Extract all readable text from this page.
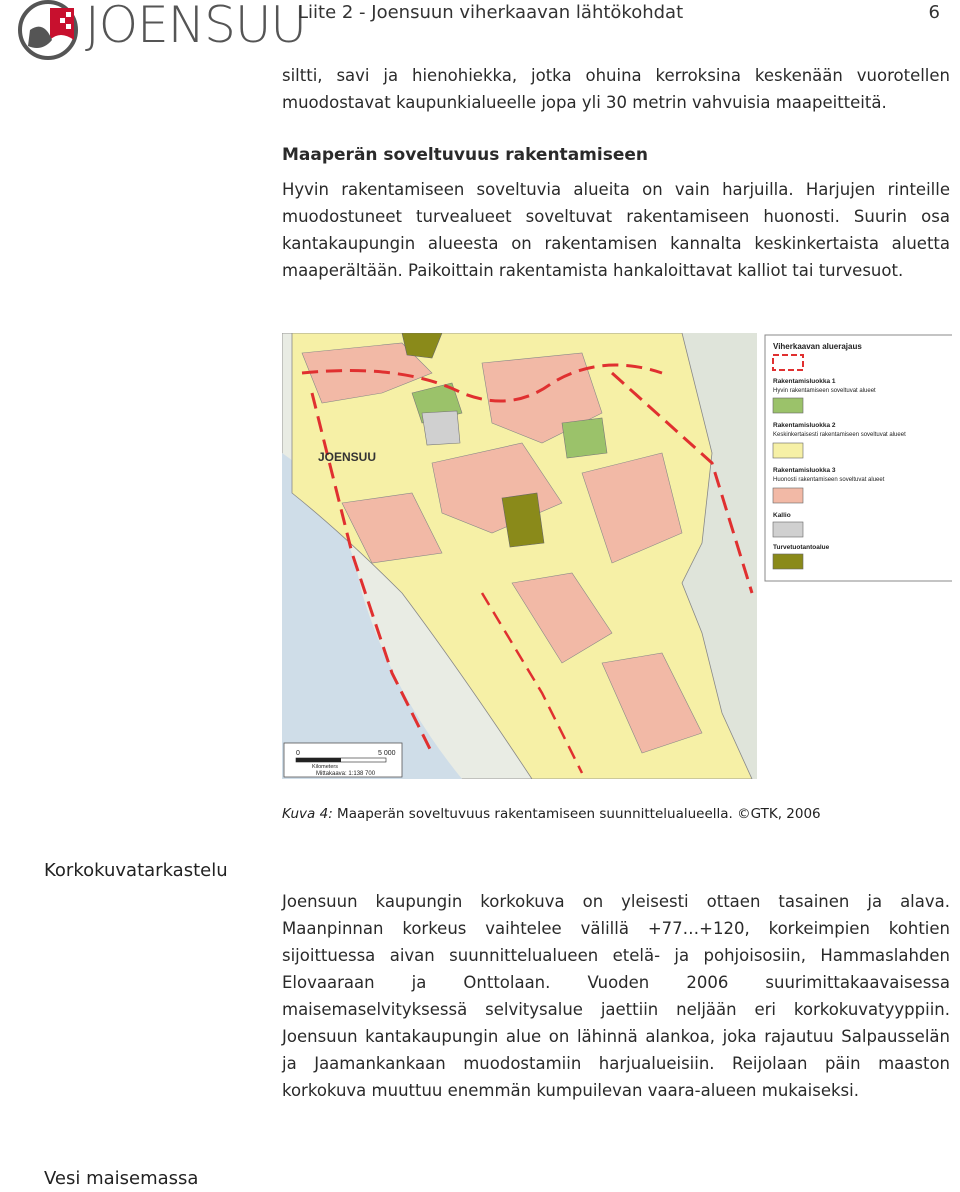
JOENSUU
Liite 2 - Joensuun viherkaavan lähtökohdat	6
siltti, savi ja hienohiekka, jotka ohuina kerroksina keskenään vuorotellen muodostavat kaupunkialueelle jopa yli 30 metrin vahvuisia maapeitteitä.
Maaperän soveltuvuus rakentamiseen
Hyvin rakentamiseen soveltuvia alueita on vain harjuilla. Harjujen rinteille muodostuneet turvealueet soveltuvat rakentamiseen huonosti. Suurin osa kantakaupungin alueesta on rakentamisen kannalta keskinkertaista aluetta maaperältään. Paikoittain rakentamista hankaloittavat kalliot tai turvesuot.
JOENSUU
0	5 000
Kilometers
Mittakaava: 1:138 700
Viherkaavan aluerajaus
Rakentamisluokka 1
Hyvin rakentamiseen soveltuvat alueet
Rakentamisluokka 2
Keskinkertaisesti rakentamiseen soveltuvat alueet
Rakentamisluokka 3
Huonosti rakentamiseen soveltuvat alueet
Kallio
Turvetuotantoalue
Kuva 4: Maaperän soveltuvuus rakentamiseen suunnittelualueella. ©GTK, 2006
Korkokuvatarkastelu
Joensuun kaupungin korkokuva on yleisesti ottaen tasainen ja alava. Maanpinnan korkeus vaihtelee välillä +77…+120, korkeimpien kohtien sijoittuessa aivan suunnittelualueen etelä- ja pohjoisosiin, Hammaslahden Elovaaraan ja Onttolaan. Vuoden 2006 suurimittakaavaisessa maisemaselvityksessä selvitysalue jaettiin neljään eri korkokuvatyyppiin. Joensuun kantakaupungin alue on lähinnä alankoa, joka rajautuu Salpausselän ja Jaamankankaan muodostamiin harjualueisiin. Reijolaan päin maaston korkokuva muuttuu enemmän kumpuilevan vaara-alueen mukaiseksi.
Vesi maisemassa
